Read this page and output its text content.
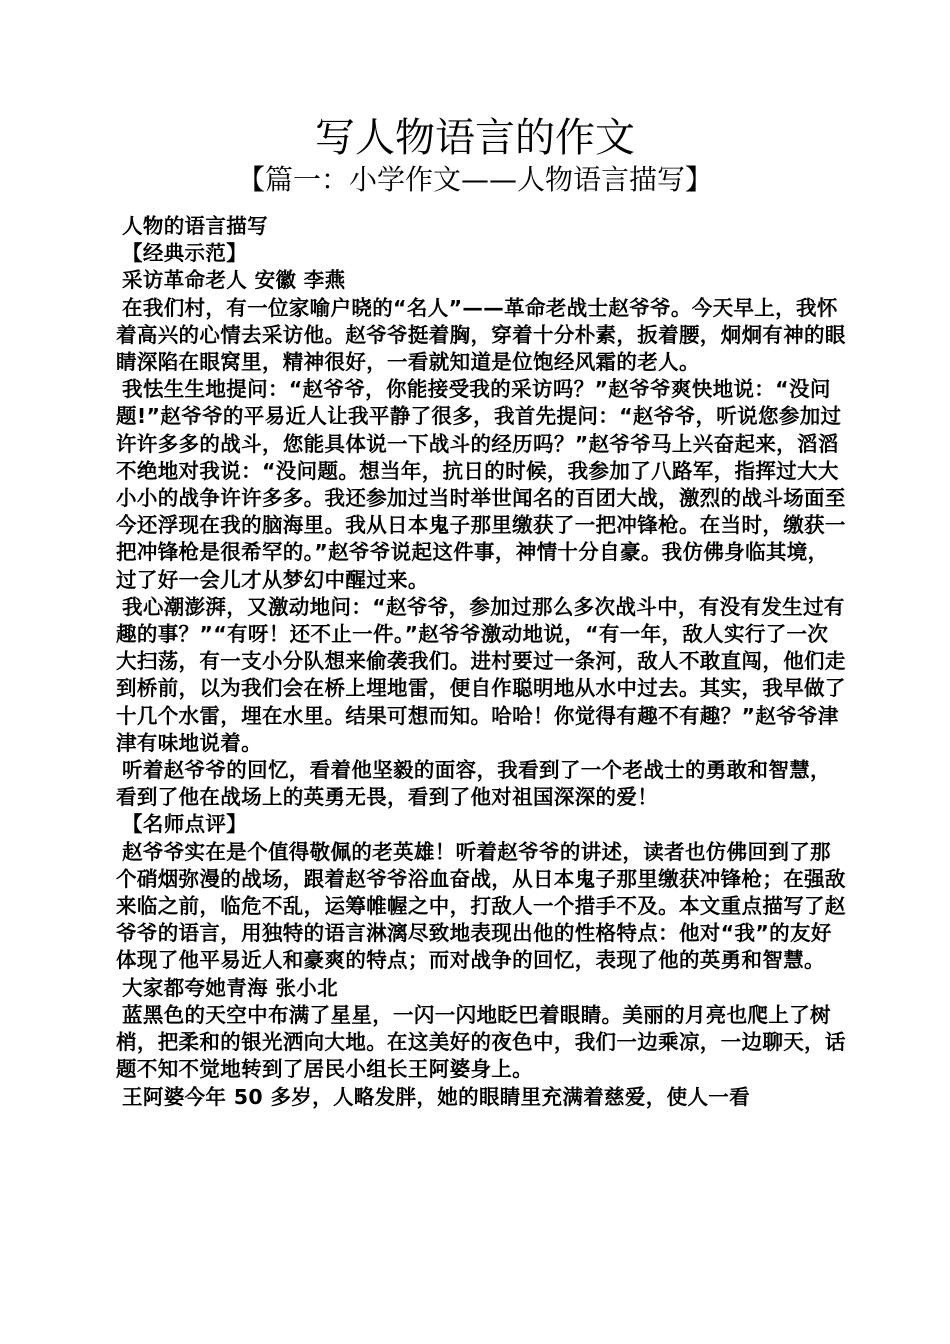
写人物语言的作文
【篇一：小学作文——人物语言描写】

人物的语言描写

【经典示范】

采访革命老人 安徽 李燕

在我们村，有一位家喻户晓的“名人”——革命老战士赵爷爷。今天早上，我怀着高兴的心情去采访他。赵爷爷挺着胸，穿着十分朴素，扳着腰，炯炯有神的眼睛深陷在眼窝里，精神很好，一看就知道是位饱经风霜的老人。

我怯生生地提问：“赵爷爷，你能接受我的采访吗？”赵爷爷爽快地说：“没问题!”赵爷爷的平易近人让我平静了很多，我首先提问：“赵爷爷，听说您参加过许许多多的战斗，您能具体说一下战斗的经历吗？”赵爷爷马上兴奋起来，滔滔不绝地对我说：“没问题。想当年，抗日的时候，我参加了八路军，指挥过大大小小的战争许许多多。我还参加过当时举世闻名的百团大战，激烈的战斗场面至今还浮现在我的脑海里。我从日本鬼子那里缴获了一把冲锋枪。在当时，缴获一把冲锋枪是很希罕的。”赵爷爷说起这件事，神情十分自豪。我仿佛身临其境，过了好一会儿才从梦幻中醒过来。

我心潮澎湃，又激动地问：“赵爷爷，参加过那么多次战斗中，有没有发生过有趣的事？”“有呀！还不止一件。”赵爷爷激动地说，“有一年，敌人实行了一次大扫荡，有一支小分队想来偷袭我们。进村要过一条河，敌人不敢直闯，他们走到桥前，以为我们会在桥上埋地雷，便自作聪明地从水中过去。其实，我早做了十几个水雷，埋在水里。结果可想而知。哈哈！你觉得有趣不有趣？”赵爷爷津津有味地说着。

听着赵爷爷的回忆，看着他坚毅的面容，我看到了一个老战士的勇敢和智慧，看到了他在战场上的英勇无畏，看到了他对祖国深深的爱！

【名师点评】

赵爷爷实在是个值得敬佩的老英雄！听着赵爷爷的讲述，读者也仿佛回到了那个硝烟弥漫的战场，跟着赵爷爷浴血奋战，从日本鬼子那里缴获冲锋枪；在强敌来临之前，临危不乱，运筹帷幄之中，打敌人一个措手不及。本文重点描写了赵爷爷的语言，用独特的语言淋漓尽致地表现出他的性格特点：他对“我”的友好体现了他平易近人和豪爽的特点；而对战争的回忆，表现了他的英勇和智慧。

大家都夸她青海 张小北

蓝黑色的天空中布满了星星，一闪一闪地眨巴着眼睛。美丽的月亮也爬上了树梢，把柔和的银光洒向大地。在这美好的夜色中，我们一边乘凉，一边聊天，话题不知不觉地转到了居民小组长王阿婆身上。

王阿婆今年 50 多岁，人略发胖，她的眼睛里充满着慈爱，使人一看
